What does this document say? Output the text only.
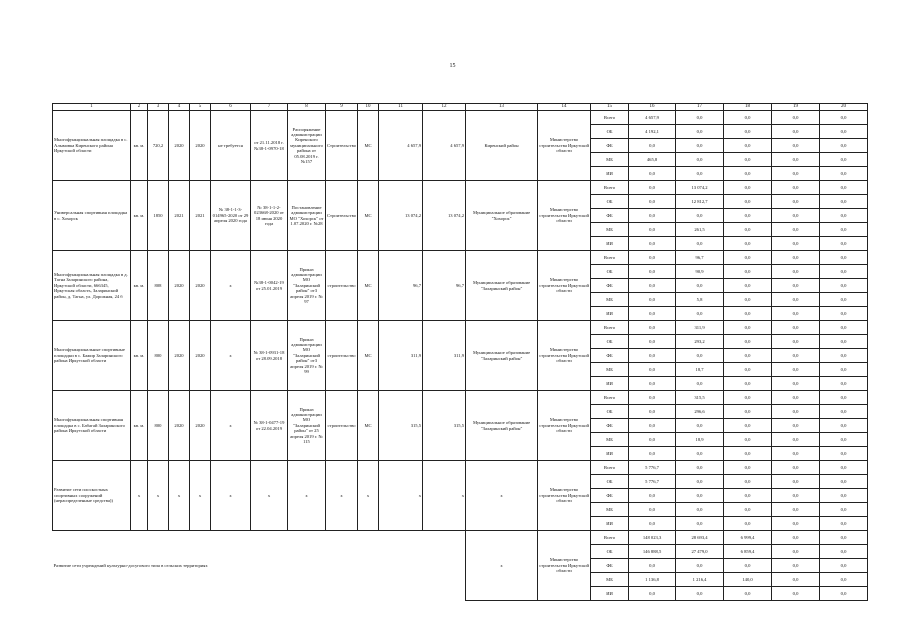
15
1	2	3	4	5	6	7	8	9	10	11	12	13	14	15	16	17	18	19	20
Многофункциональная площадка в с. Алымовка Киренского района Иркутской области	кв. м.	720,2	2020	2020	не требуется	от 21.11.2018 г. №38-1-0970-18	Распоряжение администрации Киренского муниципального района от 05.08.2019 г. №157	Строительство	МС	4 657,9	4 657,9	Киренский район	Министерство строительства Иркутской области	Всего	4 657,9	0,0	0,0	0,0	0,0
														ОБ	4 192,1	0,0	0,0	0,0	0,0
														ФБ	0,0	0,0	0,0	0,0	0,0
														МБ	465,8	0,0	0,0	0,0	0,0
														ИИ	0,0	0,0	0,0	0,0	0,0
Универсальная спортивная площадка в с. Хохорск	кв. м.	1850	2021	2021	№ 38-1-1-3-014965-2020 от 29 апреля 2020 года	№ 38-1-1-2-023668-2020 от 18 июня 2020 года	Постановление администрации МО "Хохорск" от 1.07.2020 г. №28	Строительство	МС	13 074,2	13 074,2	Муниципальное образование "Хохорск"	Министерство строительства Иркутской области	Всего	0,0	13 074,2	0,0	0,0	0,0
														ОБ	0,0	12 812,7	0,0	0,0	0,0
														ФБ	0,0	0,0	0,0	0,0	0,0
														МБ	0,0	261,5	0,0	0,0	0,0
														ИИ	0,0	0,0	0,0	0,0	0,0
Многофункциональная площадка в д. Тагна Заларинского района, Иркутской области, 666345, Иркутская область, Заларинский район, д. Тагна, ул. Дорожная, 24 б	кв. м.	808	2020	2020	х	№38-1-0042-19 от 25.01.2019	Приказ администрации МО "Заларинский район" от3 апреля 2019 г. № 97	строительство	МС	96,7	96,7	Муниципальное образование "Заларинский район"	Министерство строительства Иркутской области	Всего	0,0	96,7	0,0	0,0	0,0
														ОБ	0,0	90,9	0,0	0,0	0,0
														ФБ	0,0	0,0	0,0	0,0	0,0
														МБ	0,0	5,8	0,0	0,0	0,0
														ИИ	0,0	0,0	0,0	0,0	0,0
Многофункциональные спортивные площадки в с. Бажир Заларинского района Иркутской области	кв. м.	800	2020	2020	х	№ 38-1-0931-18 от 28.09.2018	Приказ администрации МО "Заларинский район" от3 апреля 2019 г. № 99	строительство	МС	311,9	311,9	Муниципальное образование "Заларинский район"	Министерство строительства Иркутской области	Всего	0,0	311,9	0,0	0,0	0,0
														ОБ	0,0	293,2	0,0	0,0	0,0
														ФБ	0,0	0,0	0,0	0,0	0,0
														МБ	0,0	18,7	0,0	0,0	0,0
														ИИ	0,0	0,0	0,0	0,0	0,0
Многофункциональная спортивная площадка в с. Бабагай Заларинского района Иркутской области	кв. м.	800	2020	2020	х	№ 38-1-0477-19 от 22.04.2019	Приказ администрации МО "Заларинский район" от 25 апреля 2019 г. № 115	строительство	МС	315,5	315,5	Муниципальное образование "Заларинский район"	Министерство строительства Иркутской области	Всего	0,0	315,5	0,0	0,0	0,0
														ОБ	0,0	296,6	0,0	0,0	0,0
														ФБ	0,0	0,0	0,0	0,0	0,0
														МБ	0,0	18,9	0,0	0,0	0,0
														ИИ	0,0	0,0	0,0	0,0	0,0
Развитие сети плоскостных спортивных сооружений (нераспределенные средства))	х	х	х	х	х	х	х	х	х	х	х	х	Министерство строительства Иркутской области	Всего	5 776,7	0,0	0,0	0,0	0,0
														ОБ	5 776,7	0,0	0,0	0,0	0,0
														ФБ	0,0	0,0	0,0	0,0	0,0
														МБ	0,0	0,0	0,0	0,0	0,0
														ИИ	0,0	0,0	0,0	0,0	0,0
Развитие сети учреждений культурно-досугового типа в сельских территориях												х	Министерство строительства Иркутской области	Всего	148 023,3	28 693,4	6 999,4	0,0	0,0
														ОБ	146 888,5	27 479,0	6 859,4	0,0	0,0
														ФБ	0,0	0,0	0,0	0,0	0,0
														МБ	1 136,8	1 216,4	140,0	0,0	0,0
														ИИ	0,0	0,0	0,0	0,0	0,0
